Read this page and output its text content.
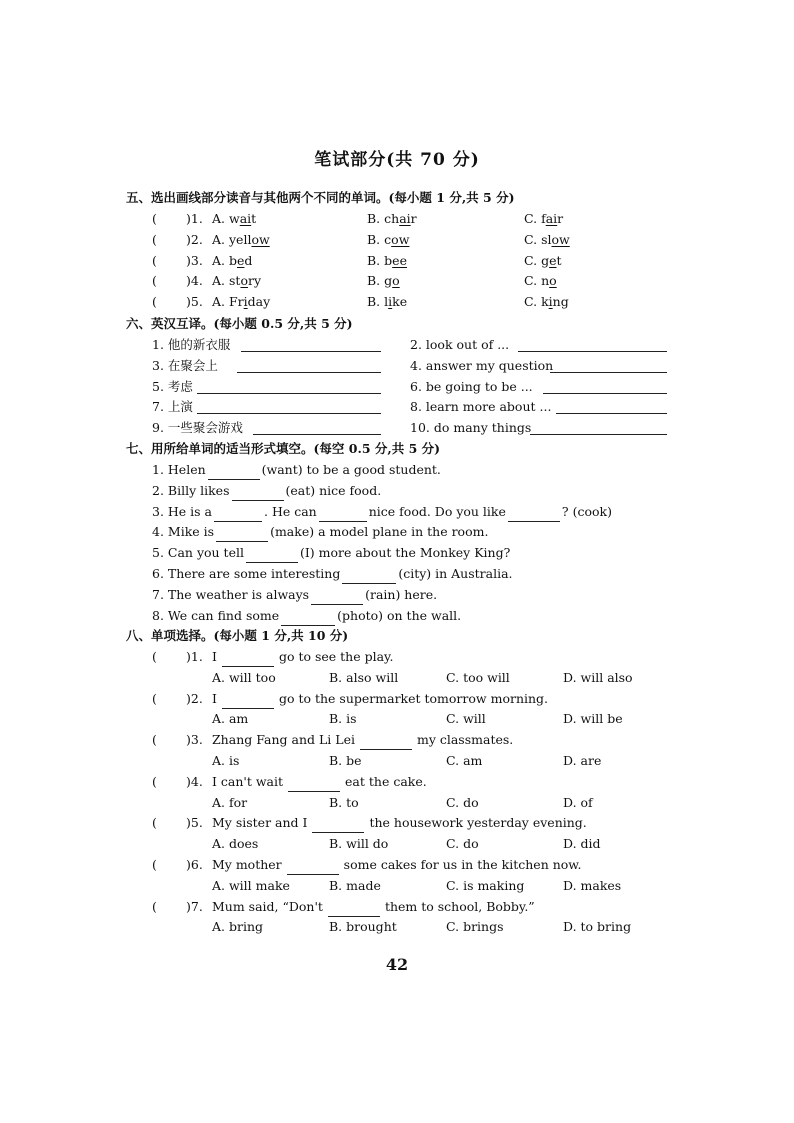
笔试部分(共 70 分)
五、选出画线部分读音与其他两个不同的单词。(每小题 1 分,共 5 分)
( )1. A. wait	B. chair	C. fair
( )2. A. yellow	B. cow	C. slow
( )3. A. bed	B. bee	C. get
( )4. A. story	B. go	C. no
( )5. A. Friday	B. like	C. king
六、英汉互译。(每小题 0.5 分,共 5 分)
1. 他的新衣服	2. look out of ...
3. 在聚会上	4. answer my question
5. 考虑	6. be going to be ...
7. 上演	8. learn more about ...
9. 一些聚会游戏	10. do many things
七、用所给单词的适当形式填空。(每空 0.5 分,共 5 分)
1. Helen	(want) to be a good student.
2. Billy likes	(eat) nice food.
3. He is a	. He can	nice food. Do you like	? (cook)
4. Mike is	(make) a model plane in the room.
5. Can you tell	(I) more about the Monkey King?
6. There are some interesting	(city) in Australia.
7. The weather is always	(rain) here.
8. We can find some	(photo) on the wall.
八、单项选择。(每小题 1 分,共 10 分)
( )1. I	go to see the play.
A. will too	B. also will	C. too will	D. will also
( )2. I	go to the supermarket tomorrow morning.
A. am	B. is	C. will	D. will be
( )3. Zhang Fang and Li Lei	my classmates.
A. is	B. be	C. am	D. are
( )4. I can't wait	eat the cake.
A. for	B. to	C. do	D. of
( )5. My sister and I	the housework yesterday evening.
A. does	B. will do	C. do	D. did
( )6. My mother	some cakes for us in the kitchen now.
A. will make	B. made	C. is making	D. makes
( )7. Mum said, “Don't	them to school, Bobby.”
A. bring	B. brought	C. brings	D. to bring
42
